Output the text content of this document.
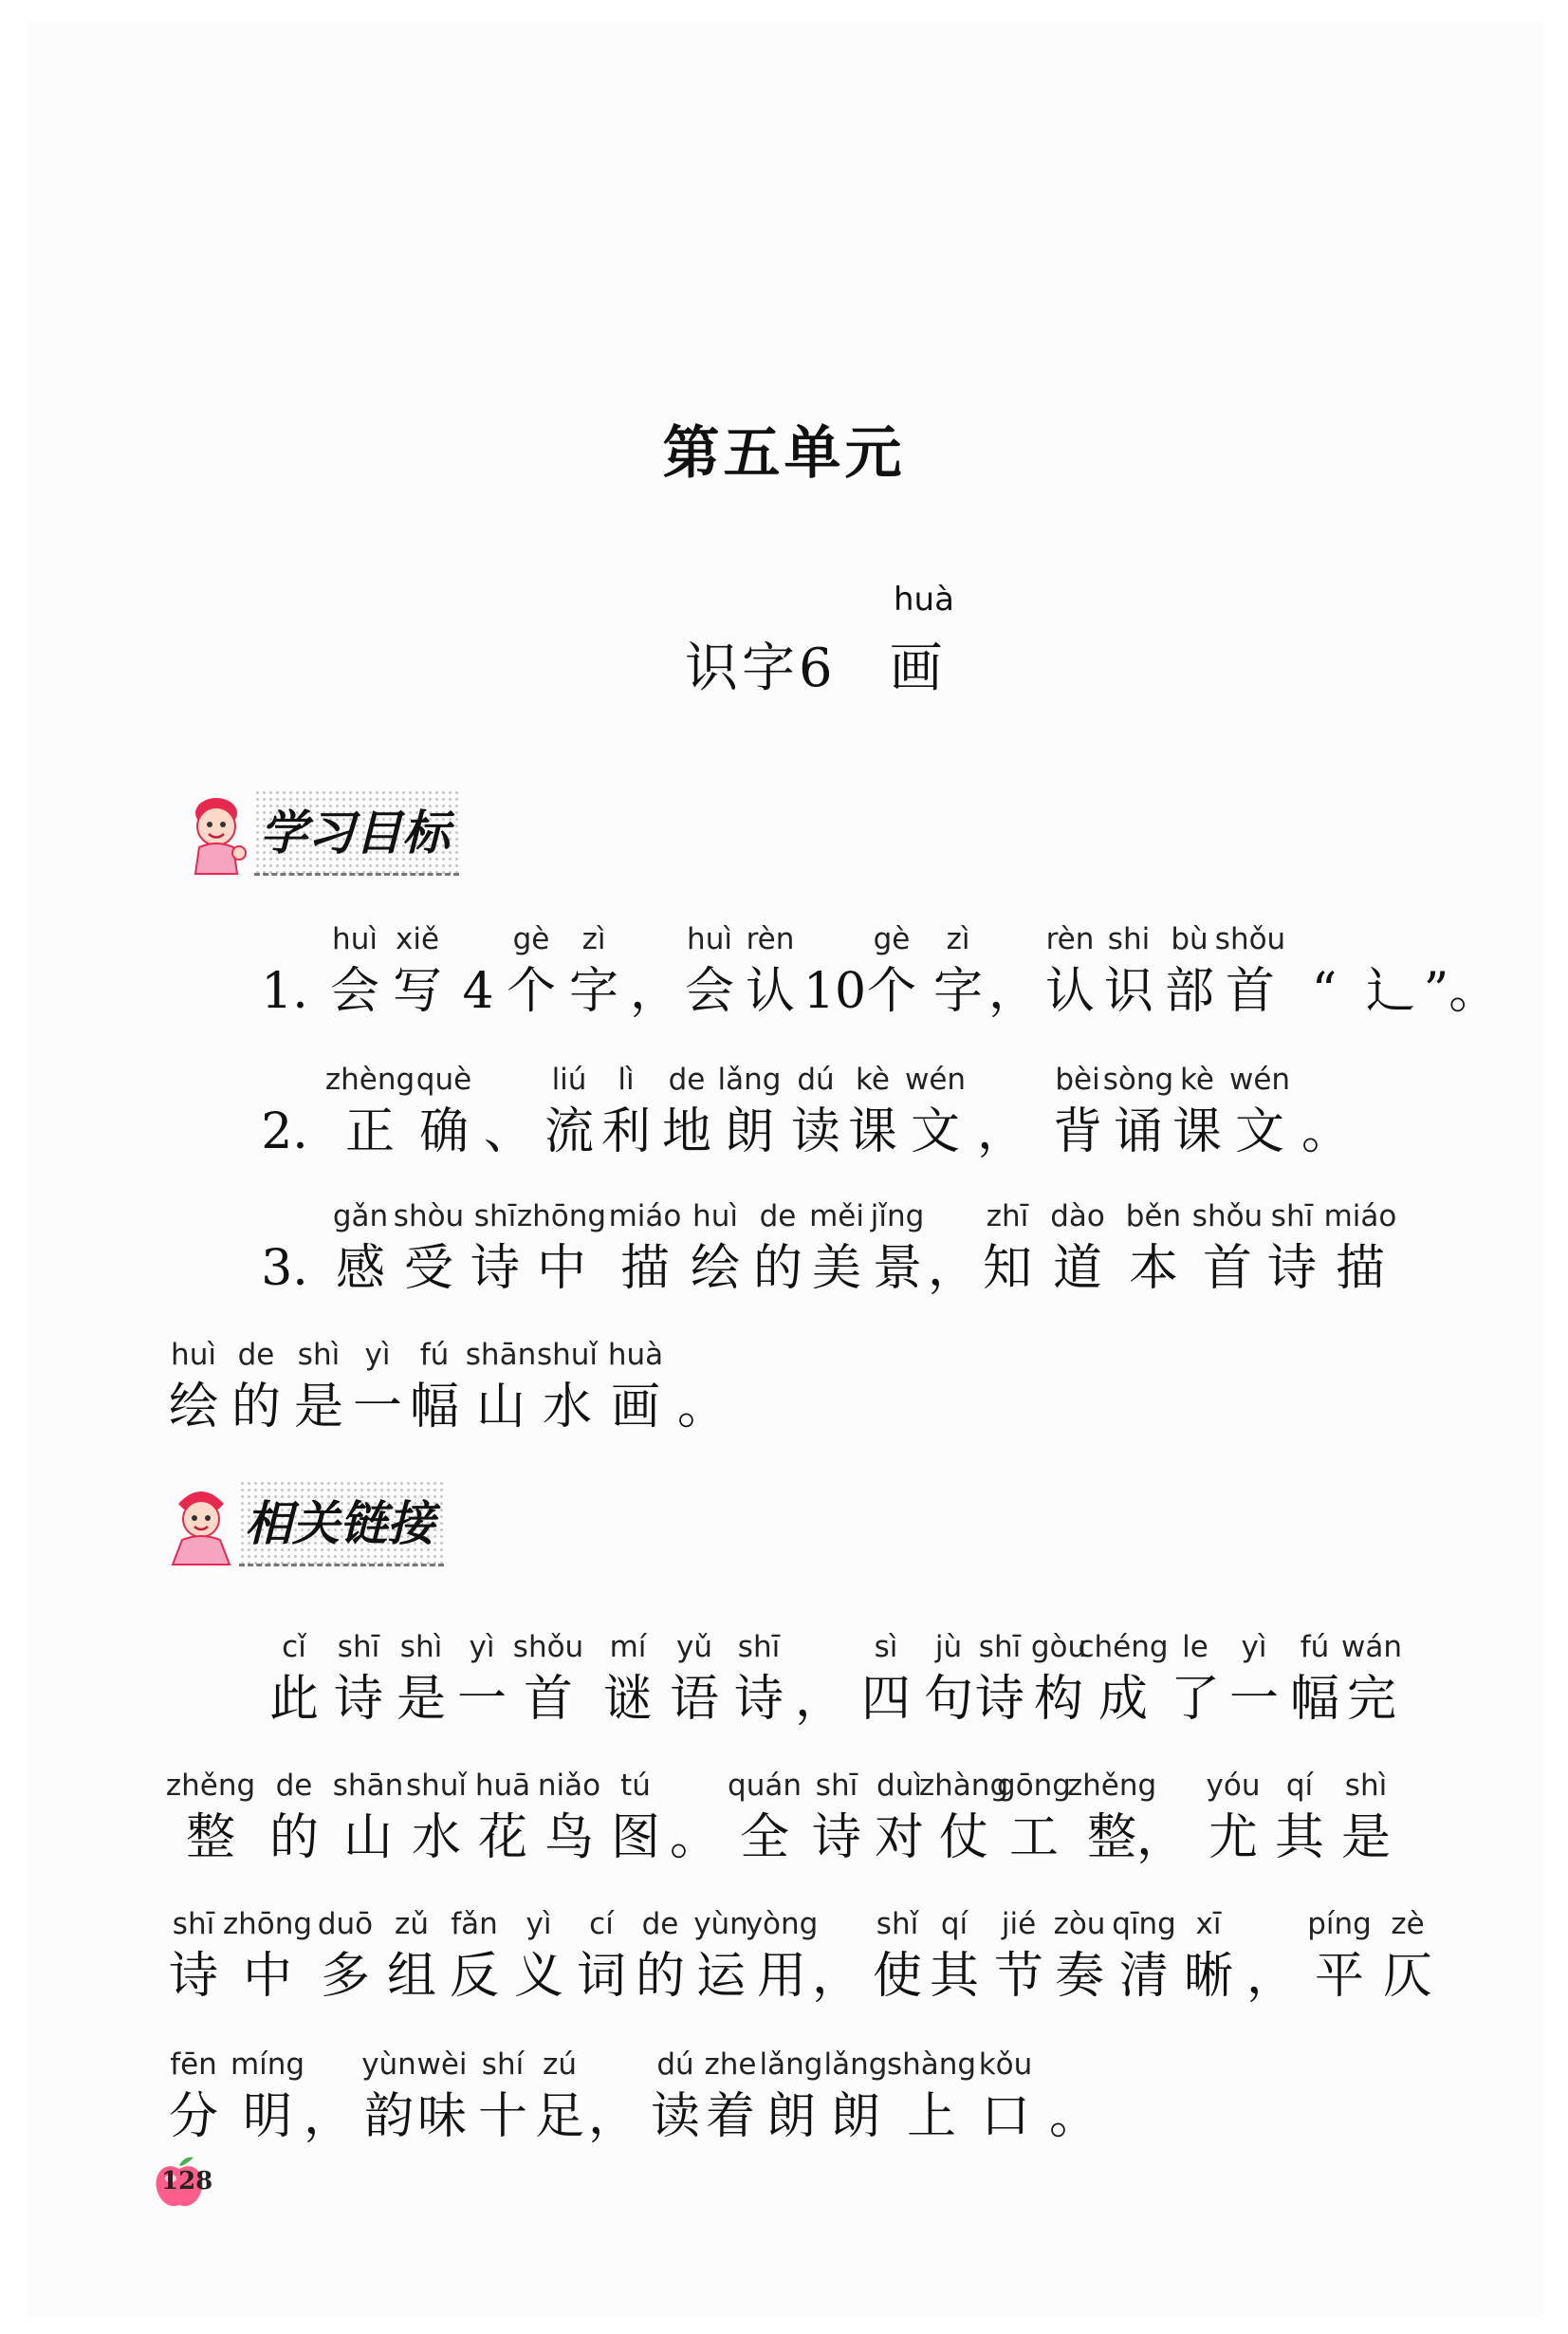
第五单元
huà
识字6 画
学习目标
相关链接
1.
huì
会
xiě
写 4
gè
个
zì
字 ，
huì
会
rèn
认 10
gè
个
zì
字 ，
rèn
认
shi
识
bù
部
shǒu
首 “ 辶 ”。
2.
zhèng
正
què
确 、
liú
流
lì
利
de
地
lǎng
朗
dú
读
kè
课
wén
文 ，
bèi
背
sòng
诵
kè
课
wén
文 。
3.
gǎn
感
shòu
受
shī
诗
zhōng
中
miáo
描
huì
绘
de
的
měi
美
jǐng
景 ，
zhī
知
dào
道
běn
本
shǒu
首
shī
诗
miáo
描
huì
绘
de
的
shì
是
yì
一
fú
幅
shān
山
shuǐ
水
huà
画 。
cǐ
此
shī
诗
shì
是
yì
一
shǒu
首
mí
谜
yǔ
语
shī
诗 ，
sì
四
jù
句
shī
诗
gòu
构
chéng
成
le
了
yì
一
fú
幅
wán
完
zhěng
整
de
的
shān
山
shuǐ
水
huā
花
niǎo
鸟
tú
图 。
quán
全
shī
诗
duì
对
zhàng
仗
gōng
工
zhěng
整 ，
yóu
尤
qí
其
shì
是
shī
诗
zhōng
中
duō
多
zǔ
组
fǎn
反
yì
义
cí
词
de
的
yùn
运
yòng
用 ，
shǐ
使
qí
其
jié
节
zòu
奏
qīng
清
xī
晰 ，
píng
平
zè
仄
fēn
分
míng
明 ，
yùn
韵
wèi
味
shí
十
zú
足 ，
dú
读
zhe
着
lǎng
朗
lǎng
朗
shàng
上
kǒu
口 。
128
